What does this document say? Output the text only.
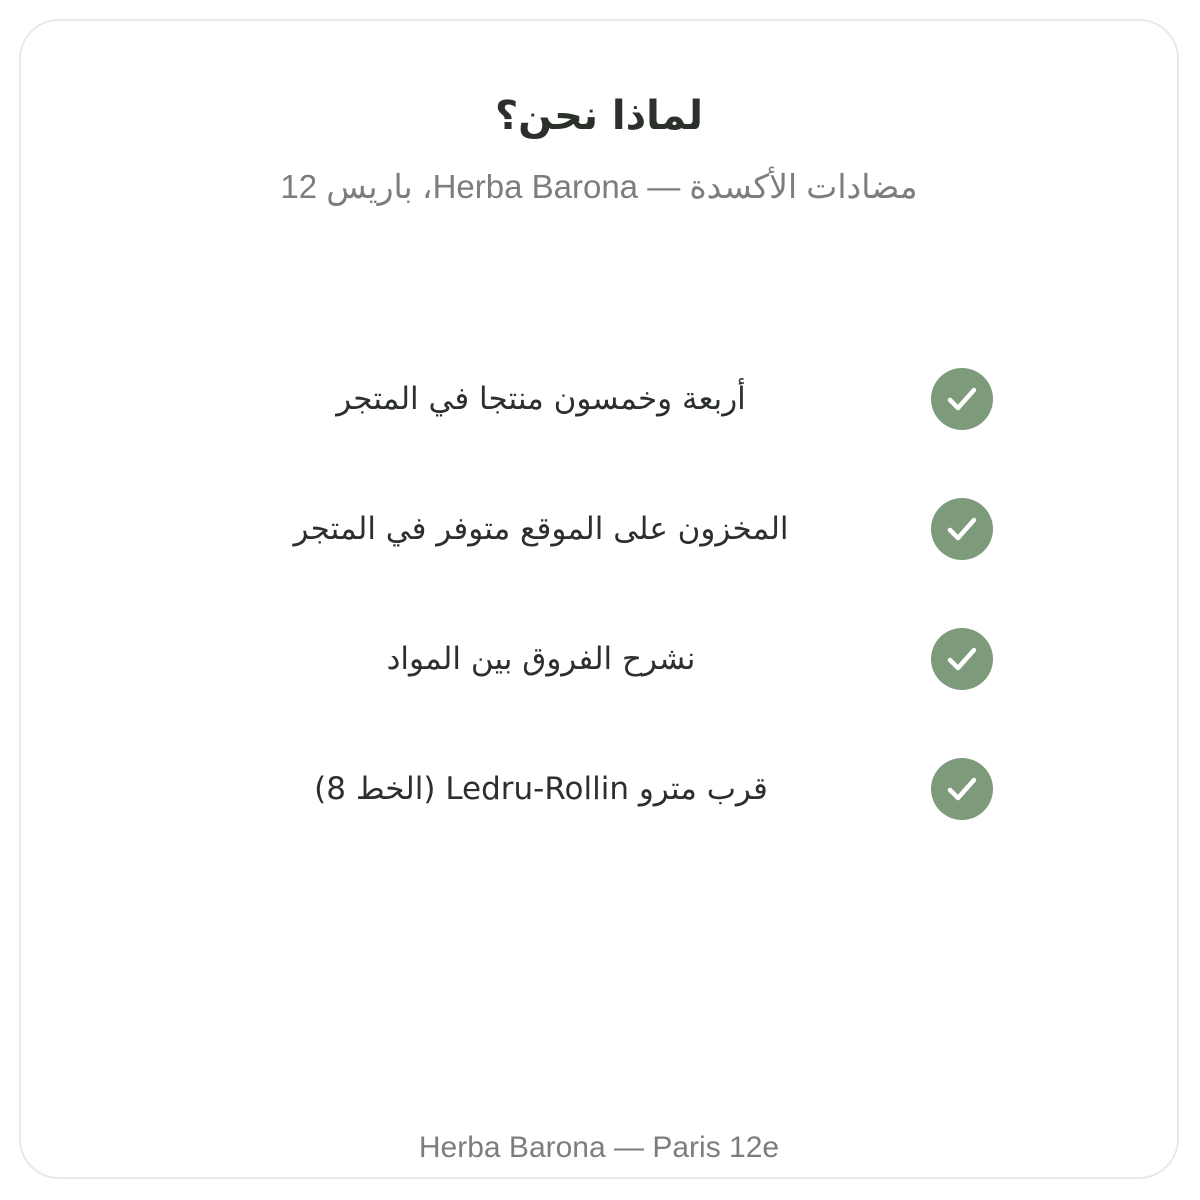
لماذا نحن؟
مضادات الأكسدة — Herba Barona، باريس 12
أربعة وخمسون منتجا في المتجر
المخزون على الموقع متوفر في المتجر
نشرح الفروق بين المواد
قرب مترو Ledru-Rollin (الخط 8)
Herba Barona — Paris 12e
